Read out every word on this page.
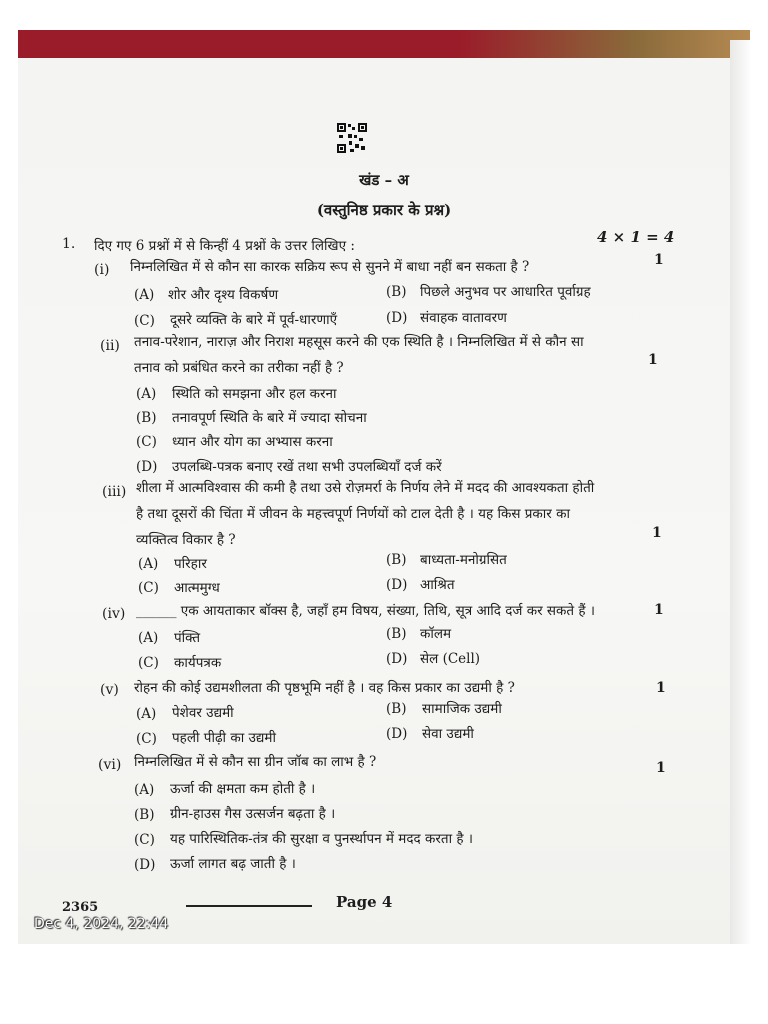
खंड – अ
(वस्तुनिष्ठ प्रकार के प्रश्न)
1. दिए गए 6 प्रश्नों में से किन्हीं 4 प्रश्नों के उत्तर लिखिए :	4 × 1 = 4
(i) निम्नलिखित में से कौन सा कारक सक्रिय रूप से सुनने में बाधा नहीं बन सकता है ?	1
(A) शोर और दृश्य विकर्षण	(B) पिछले अनुभव पर आधारित पूर्वाग्रह
(C) दूसरे व्यक्ति के बारे में पूर्व-धारणाएँ	(D) संवाहक वातावरण
(ii) तनाव-परेशान, नाराज़ और निराश महसूस करने की एक स्थिति है । निम्नलिखित में से कौन सा
तनाव को प्रबंधित करने का तरीका नहीं है ?	1
(A) स्थिति को समझना और हल करना
(B) तनावपूर्ण स्थिति के बारे में ज्यादा सोचना
(C) ध्यान और योग का अभ्यास करना
(D) उपलब्धि-पत्रक बनाए रखें तथा सभी उपलब्धियाँ दर्ज करें
(iii) शीला में आत्मविश्वास की कमी है तथा उसे रोज़मर्रा के निर्णय लेने में मदद की आवश्यकता होती
है तथा दूसरों की चिंता में जीवन के महत्त्वपूर्ण निर्णयों को टाल देती है । यह किस प्रकार का
व्यक्तित्व विकार है ?	1
(A) परिहार	(B) बाध्यता-मनोग्रसित
(C) आत्ममुग्ध	(D) आश्रित
(iv) ______ एक आयताकार बॉक्स है, जहाँ हम विषय, संख्या, तिथि, सूत्र आदि दर्ज कर सकते हैं ।	1
(A) पंक्ति	(B) कॉलम
(C) कार्यपत्रक	(D) सेल (Cell)
(v) रोहन की कोई उद्यमशीलता की पृष्ठभूमि नहीं है । वह किस प्रकार का उद्यमी है ?	1
(A) पेशेवर उद्यमी	(B) सामाजिक उद्यमी
(C) पहली पीढ़ी का उद्यमी	(D) सेवा उद्यमी
(vi) निम्नलिखित में से कौन सा ग्रीन जॉब का लाभ है ?	1
(A) ऊर्जा की क्षमता कम होती है ।
(B) ग्रीन-हाउस गैस उत्सर्जन बढ़ता है ।
(C) यह पारिस्थितिक-तंत्र की सुरक्षा व पुनर्स्थापन में मदद करता है ।
(D) ऊर्जा लागत बढ़ जाती है ।
2365	Page 4
Dec 4, 2024, 22:44
